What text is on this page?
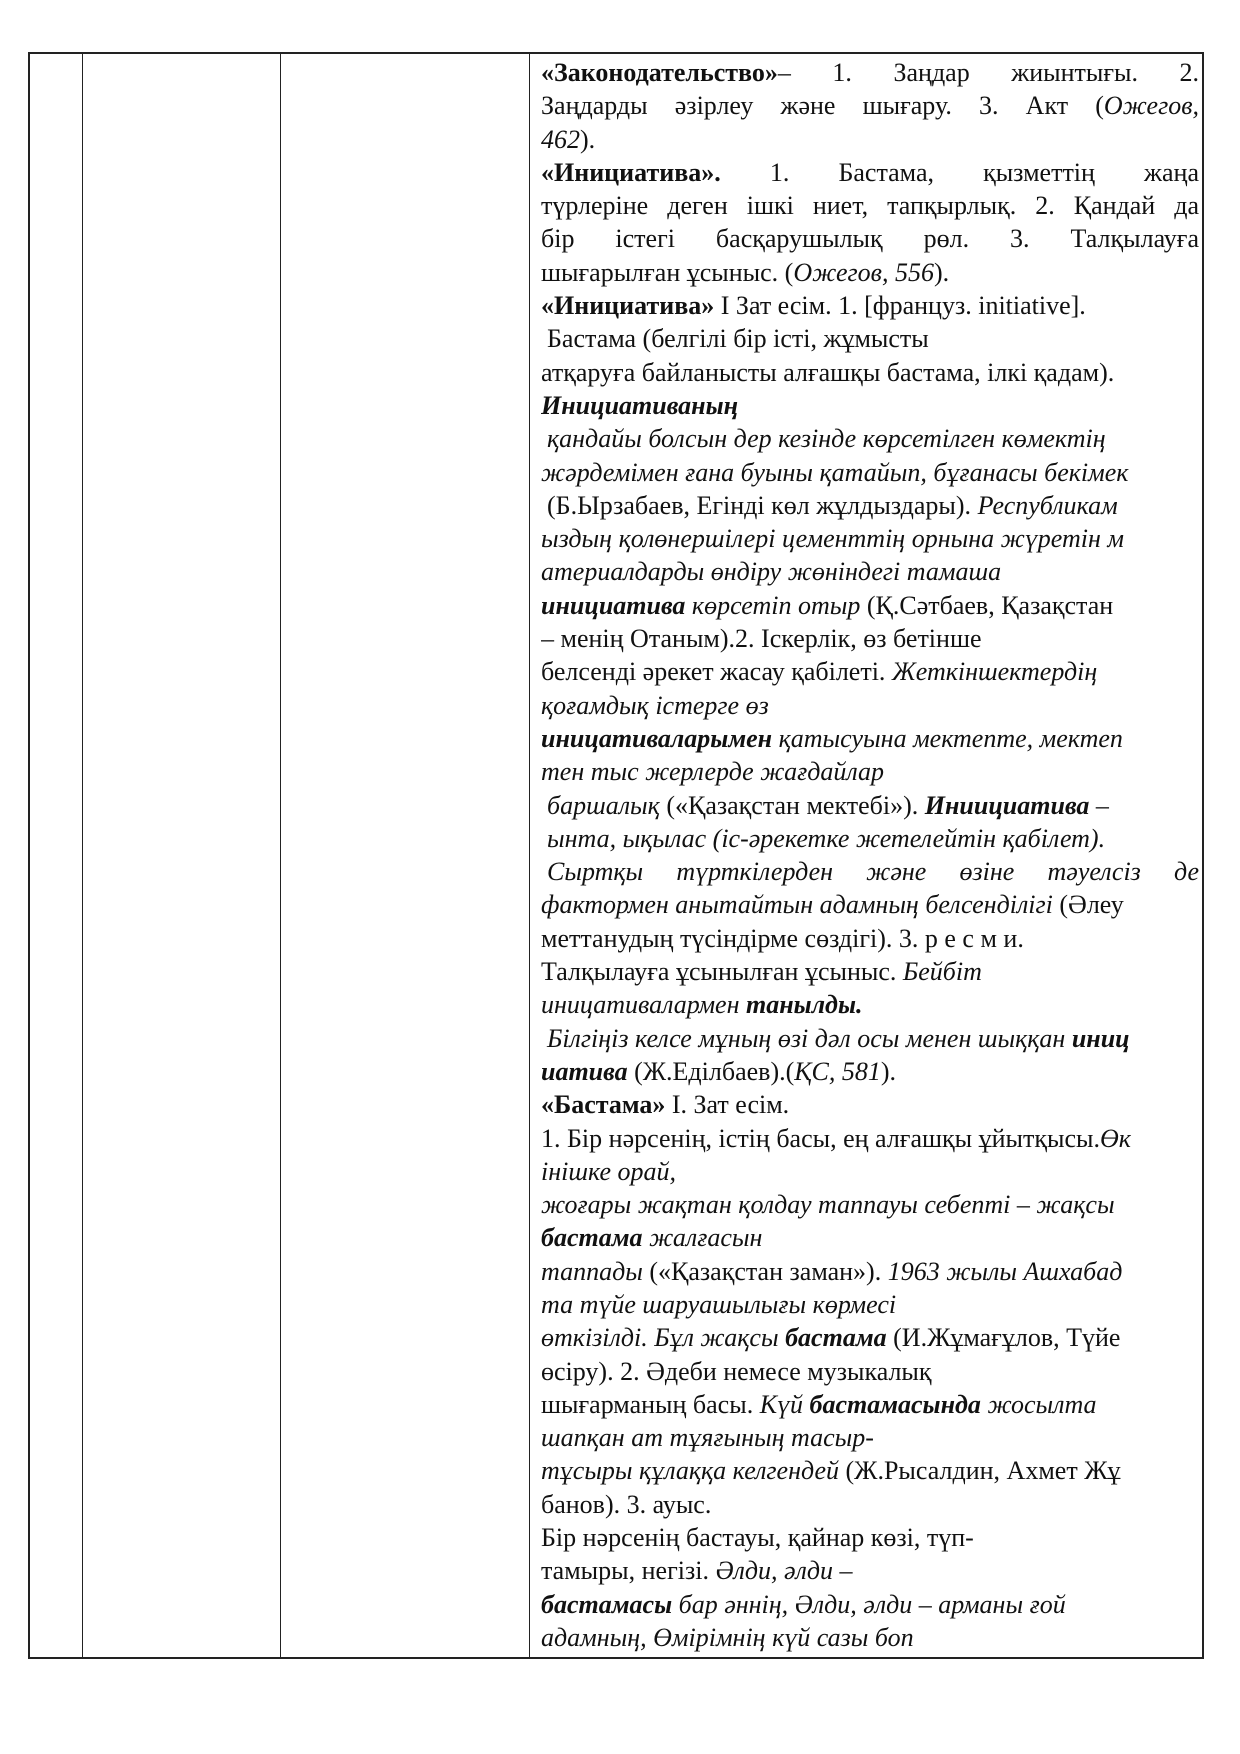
«Законодательство»– 1. Заңдар жиынтығы. 2.
Заңдарды әзірлеу және шығару. 3. Акт (Ожегов,
462).
«Инициатива». 1. Бастама, қызметтің жаңа
түрлеріне деген ішкі ниет, тапқырлық. 2. Қандай да
бір істегі басқарушылық рөл. 3. Талқылауға
шығарылған ұсыныс. (Ожегов, 556).
«Инициатива» I Зат есім. 1. [француз. initiative].
Бастама (белгілі бір істі, жұмысты
атқаруға байланысты алғашқы бастама, ілкі қадам).
Инициативаның
қандайы болсын дер кезінде көрсетілген көмектің
жәрдемімен ғана буыны қатайып, бұғанасы бекімек
(Б.Ырзабаев, Егінді көл жұлдыздары). Республикам
ыздың қолөнершілері цементтің орнына жүретін м
атериалдарды өндіру жөніндегі тамаша
инициатива көрсетіп отыр (Қ.Сәтбаев, Қазақстан
– менің Отаным).2. Іскерлік, өз бетінше
белсенді әрекет жасау қабілеті. Жеткіншектердің
қоғамдық істерге өз
иницативаларымен қатысуына мектепте, мектеп
тен тыс жерлерде жағдайлар
баршалық («Қазақстан мектебі»). Иниициатива –
ынта, ықылас (іс-әрекетке жетелейтін қабілет).
Сыртқы түрткілерден және өзіне тәуелсіз де
фактормен анытайтын адамның белсенділігі (Әлеу
меттанудың түсіндірме сөздігі). 3. р е с м и.
Талқылауға ұсынылған ұсыныс. Бейбіт
иницативалармен танылды.
Білгіңіз келсе мұның өзі дәл осы менен шыққан иниц
иатива (Ж.Еділбаев).(ҚС, 581).
«Бастама» I. Зат есім.
1. Бір нәрсенің, істің басы, ең алғашқы ұйытқысы.Өк
інішке орай,
жоғары жақтан қолдау таппауы себепті – жақсы
бастама жалғасын
таппады («Қазақстан заман»). 1963 жылы Ашхабад
та түйе шаруашылығы көрмесі
өткізілді. Бұл жақсы бастама (И.Жұмағұлов, Түйе
өсіру). 2. Әдеби немесе музыкалық
шығарманың басы. Күй бастамасында жосылта
шапқан ат тұяғының тасыр-
тұсыры құлаққа келгендей (Ж.Рысалдин, Ахмет Жұ
банов). 3. ауыс.
Бір нәрсенің бастауы, қайнар көзі, түп-
тамыры, негізі. Әлди, әлди –
бастамасы бар әннің, Әлди, әлди – арманы ғой
адамның, Өмірімнің күй сазы боп
